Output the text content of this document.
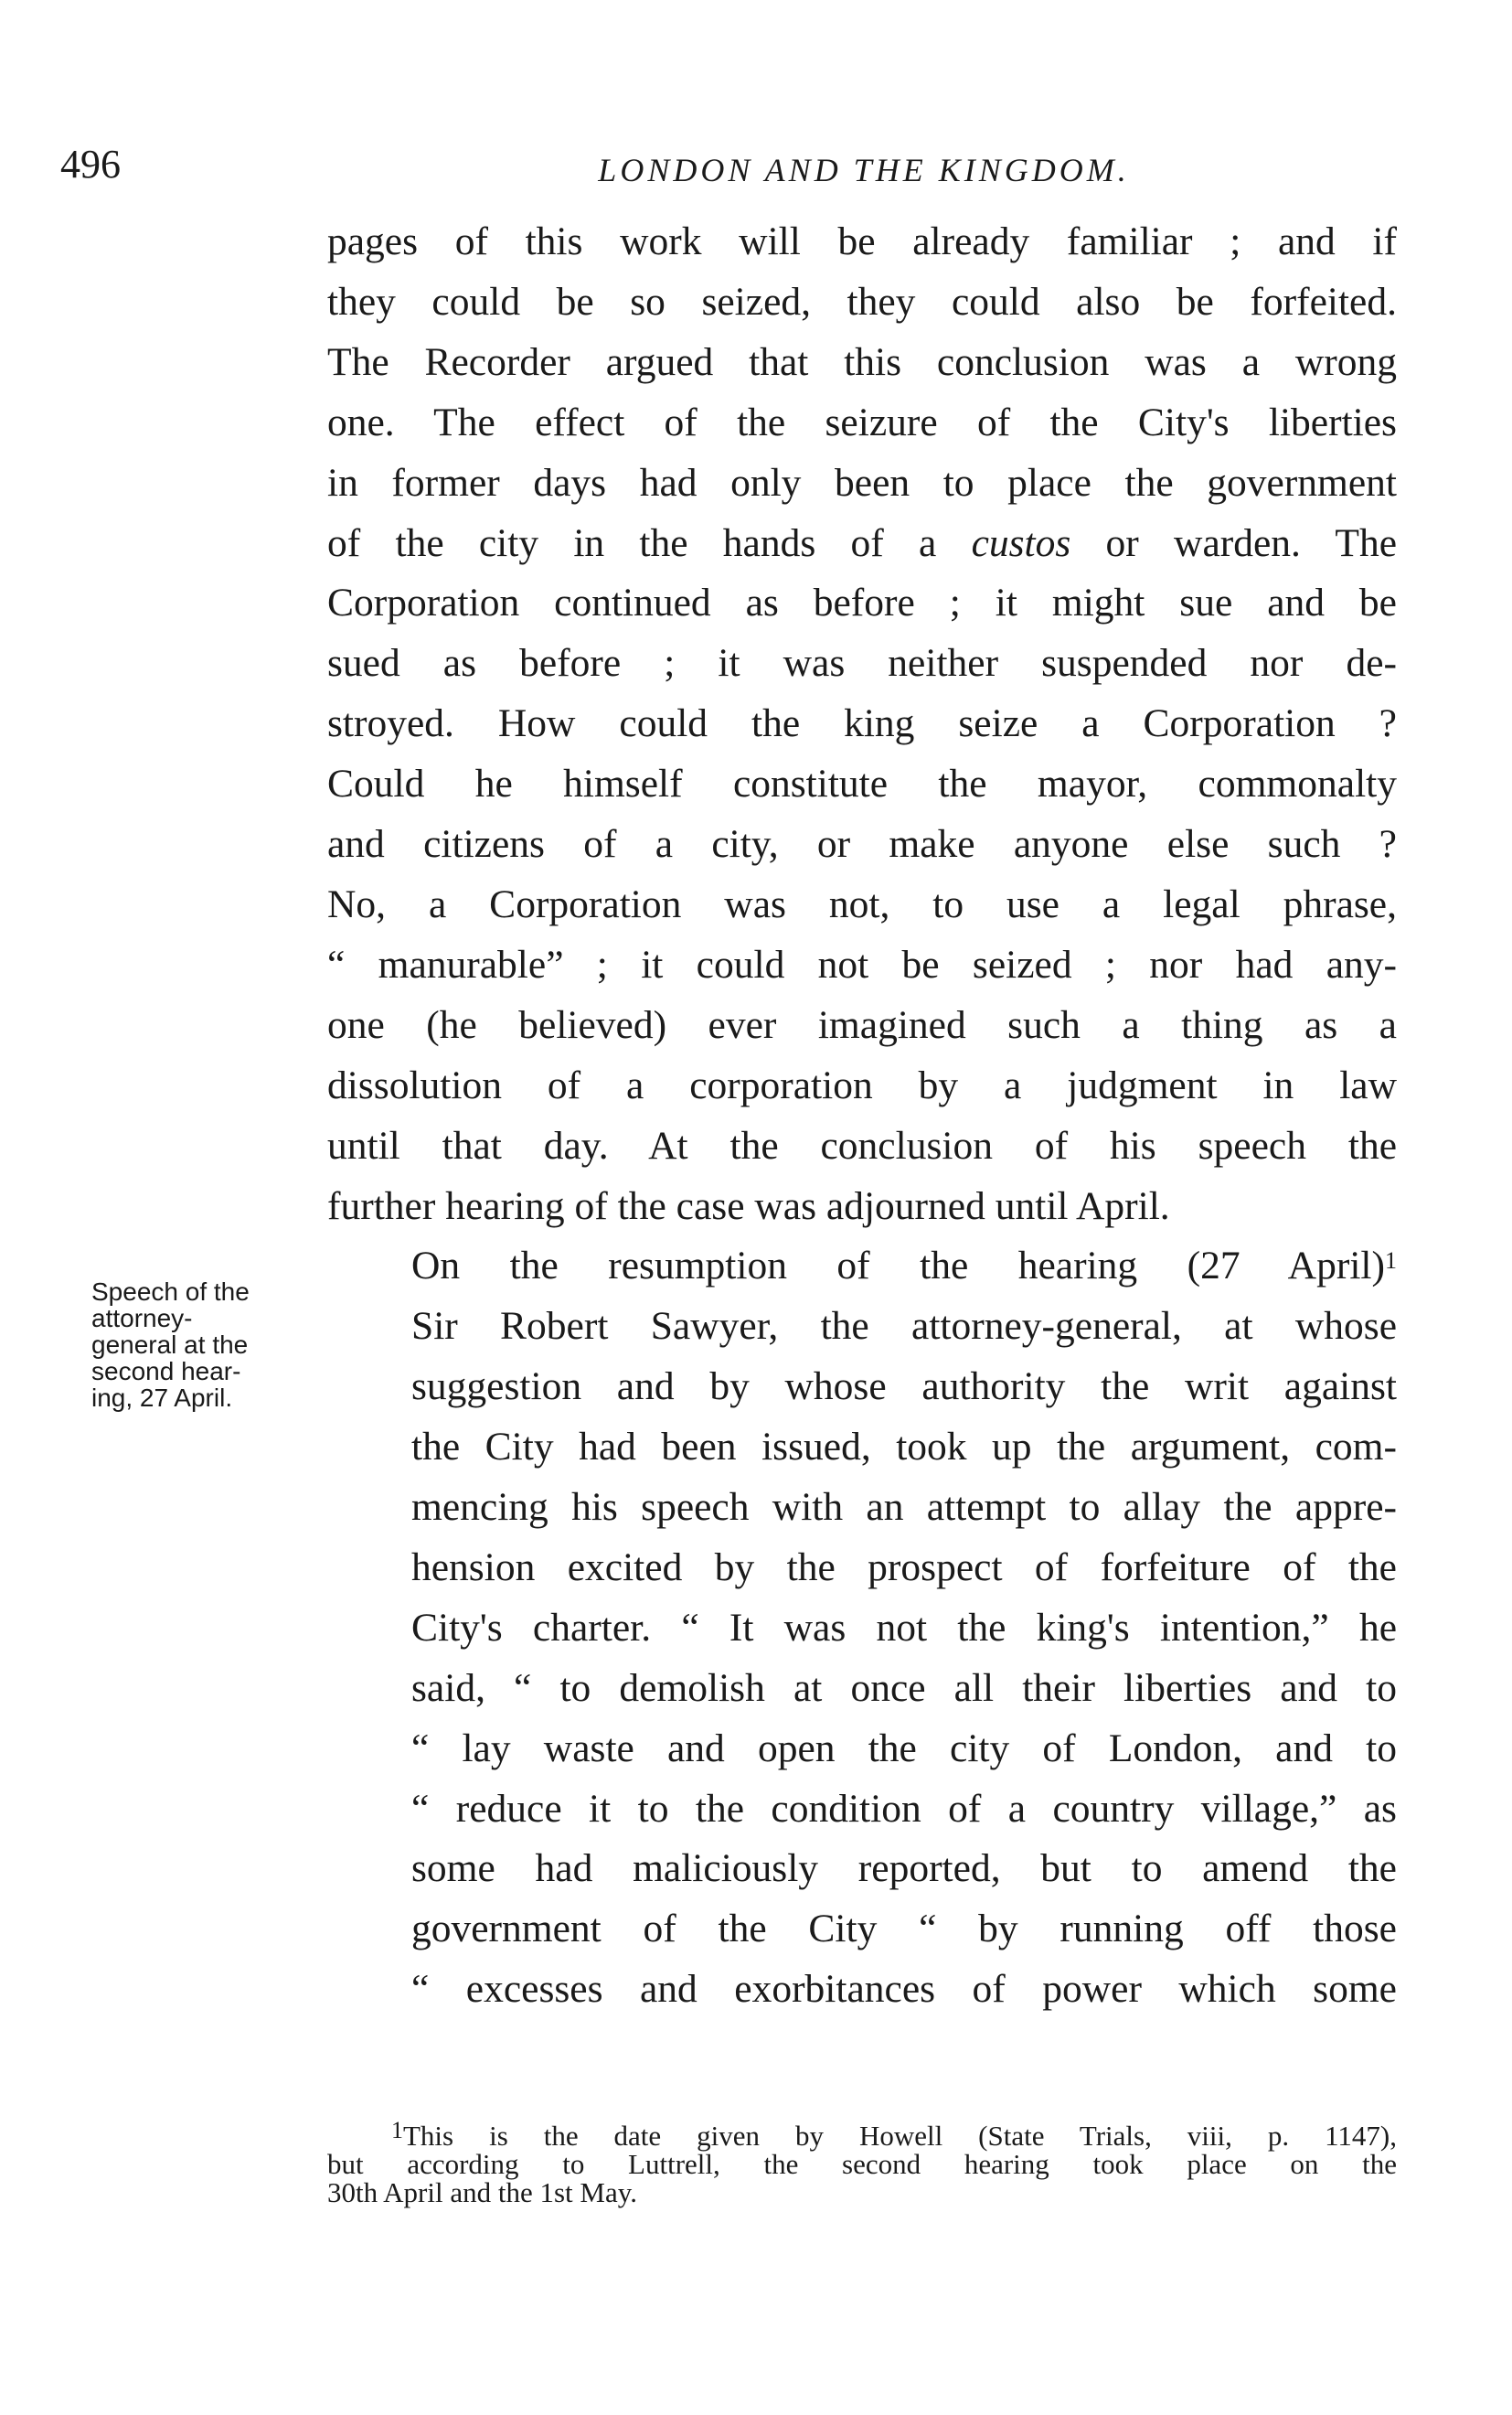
496	LONDON AND THE KINGDOM.

pages of this work will be already familiar ; and if
they could be so seized, they could also be forfeited.
The Recorder argued that this conclusion was a wrong
one. The effect of the seizure of the City's liberties
in former days had only been to place the government
of the city in the hands of a custos or warden. The
Corporation continued as before ; it might sue and be
sued as before ; it was neither suspended nor de-
stroyed. How could the king seize a Corporation ?
Could he himself constitute the mayor, commonalty
and citizens of a city, or make anyone else such ?
No, a Corporation was not, to use a legal phrase,
“ manurable” ; it could not be seized ; nor had any-
one (he believed) ever imagined such a thing as a
dissolution of a corporation by a judgment in law
until that day. At the conclusion of his speech the
further hearing of the case was adjourned until April.

On the resumption of the hearing (27 April)$^1$
Sir Robert Sawyer, the attorney-general, at whose
suggestion and by whose authority the writ against
the City had been issued, took up the argument, com-
mencing his speech with an attempt to allay the appre-
hension excited by the prospect of forfeiture of the
City's charter. “ It was not the king's intention,” he
said, “ to demolish at once all their liberties and to
“ lay waste and open the city of London, and to
“ reduce it to the condition of a country village,” as
some had maliciously reported, but to amend the
government of the City “ by running off those
“ excesses and exorbitances of power which some

Speech of the
attorney-
general at the
second hear-
ing, 27 April.
$^1$This is the date given by Howell (State Trials, viii, p. 1147),
but according to Luttrell, the second hearing took place on the
30th April and the 1st May.
